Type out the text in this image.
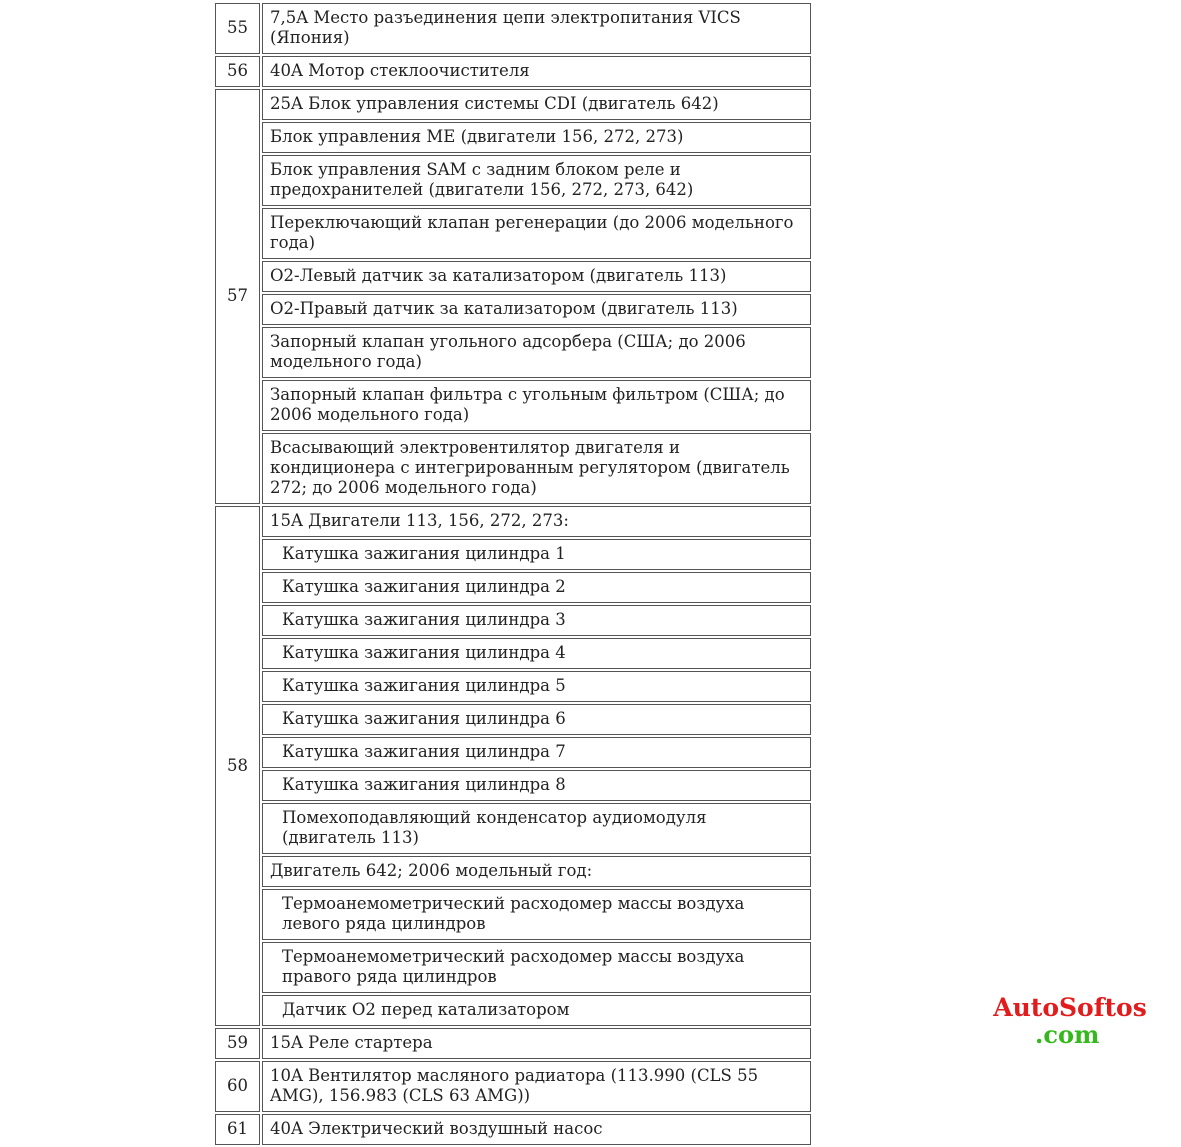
55	7,5A Место разъединения цепи электропитания VICS (Япония)
56	40A Мотор стеклоочистителя
57	25A Блок управления системы CDI (двигатель 642)
	Блок управления ME (двигатели 156, 272, 273)
	Блок управления SAM с задним блоком реле и предохранителей (двигатели 156, 272, 273, 642)
	Переключающий клапан регенерации (до 2006 модельного года)
	O2-Левый датчик за катализатором (двигатель 113)
	O2-Правый датчик за катализатором (двигатель 113)
	Запорный клапан угольного адсорбера (США; до 2006 модельного года)
	Запорный клапан фильтра с угольным фильтром (США; до 2006 модельного года)
	Всасывающий электровентилятор двигателя и кондиционера с интегрированным регулятором (двигатель 272; до 2006 модельного года)
58	15A Двигатели 113, 156, 272, 273:
	Катушка зажигания цилиндра 1
	Катушка зажигания цилиндра 2
	Катушка зажигания цилиндра 3
	Катушка зажигания цилиндра 4
	Катушка зажигания цилиндра 5
	Катушка зажигания цилиндра 6
	Катушка зажигания цилиндра 7
	Катушка зажигания цилиндра 8
	Помехоподавляющий конденсатор аудиомодуля (двигатель 113)
	Двигатель 642; 2006 модельный год:
	Термоанемометрический расходомер массы воздуха левого ряда цилиндров
	Термоанемометрический расходомер массы воздуха правого ряда цилиндров
	Датчик O2 перед катализатором
59	15A Реле стартера
60	10A Вентилятор масляного радиатора (113.990 (CLS 55 AMG), 156.983 (CLS 63 AMG))
61	40A Электрический воздушный насос
AutoSoftos
.com
